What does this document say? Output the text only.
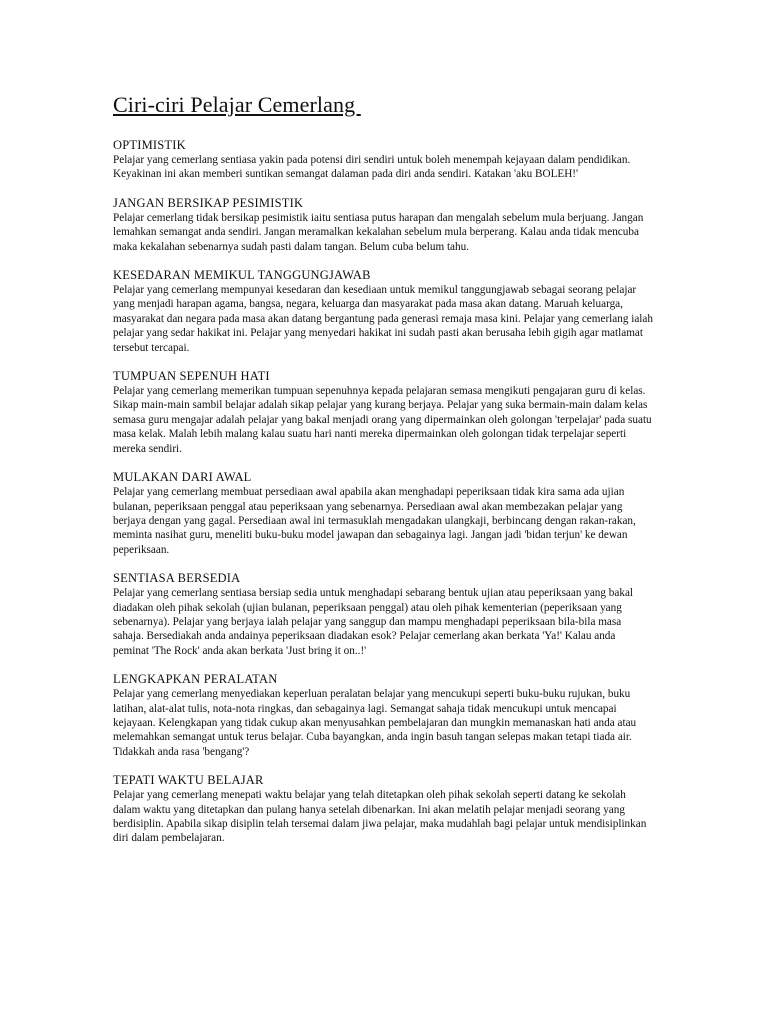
Ciri-ciri Pelajar Cemerlang
OPTIMISTIK

Pelajar yang cemerlang sentiasa yakin pada potensi diri sendiri untuk boleh menempah kejayaan dalam pendidikan. Keyakinan ini akan memberi suntikan semangat dalaman pada diri anda sendiri. Katakan 'aku BOLEH!'

JANGAN BERSIKAP PESIMISTIK

Pelajar cemerlang tidak bersikap pesimistik iaitu sentiasa putus harapan dan mengalah sebelum mula berjuang. Jangan lemahkan semangat anda sendiri. Jangan meramalkan kekalahan sebelum mula berperang. Kalau anda tidak mencuba maka kekalahan sebenarnya sudah pasti dalam tangan. Belum cuba belum tahu.

KESEDARAN MEMIKUL TANGGUNGJAWAB

Pelajar yang cemerlang mempunyai kesedaran dan kesediaan untuk memikul tanggungjawab sebagai seorang pelajar yang menjadi harapan agama, bangsa, negara, keluarga dan masyarakat pada masa akan datang. Maruah keluarga, masyarakat dan negara pada masa akan datang bergantung pada generasi remaja masa kini. Pelajar yang cemerlang ialah pelajar yang sedar hakikat ini. Pelajar yang menyedari hakikat ini sudah pasti akan berusaha lebih gigih agar matlamat tersebut tercapai.

TUMPUAN SEPENUH HATI

Pelajar yang cemerlang memerikan tumpuan sepenuhnya kepada pelajaran semasa mengikuti pengajaran guru di kelas. Sikap main-main sambil belajar adalah sikap pelajar yang kurang berjaya. Pelajar yang suka bermain-main dalam kelas semasa guru mengajar adalah pelajar yang bakal menjadi orang yang dipermainkan oleh golongan 'terpelajar' pada suatu masa kelak. Malah lebih malang kalau suatu hari nanti mereka dipermainkan oleh golongan tidak terpelajar seperti mereka sendiri.

MULAKAN DARI AWAL

Pelajar yang cemerlang membuat persediaan awal apabila akan menghadapi peperiksaan tidak kira sama ada ujian bulanan, peperiksaan penggal atau peperiksaan yang sebenarnya. Persediaan awal akan membezakan pelajar yang berjaya dengan yang gagal. Persediaan awal ini termasuklah mengadakan ulangkaji, berbincang dengan rakan-rakan, meminta nasihat guru, meneliti buku-buku model jawapan dan sebagainya lagi. Jangan jadi 'bidan terjun' ke dewan peperiksaan.

SENTIASA BERSEDIA

Pelajar yang cemerlang sentiasa bersiap sedia untuk menghadapi sebarang bentuk ujian atau peperiksaan yang bakal diadakan oleh pihak sekolah (ujian bulanan, peperiksaan penggal) atau oleh pihak kementerian (peperiksaan yang sebenarnya). Pelajar yang berjaya ialah pelajar yang sanggup dan mampu menghadapi peperiksaan bila-bila masa sahaja. Bersediakah anda andainya peperiksaan diadakan esok? Pelajar cemerlang akan berkata 'Ya!' Kalau anda peminat 'The Rock' anda akan berkata 'Just bring it on..!'

LENGKAPKAN PERALATAN

Pelajar yang cemerlang menyediakan keperluan peralatan belajar yang mencukupi seperti buku-buku rujukan, buku latihan, alat-alat tulis, nota-nota ringkas, dan sebagainya lagi. Semangat sahaja tidak mencukupi untuk mencapai kejayaan. Kelengkapan yang tidak cukup akan menyusahkan pembelajaran dan mungkin memanaskan hati anda atau melemahkan semangat untuk terus belajar. Cuba bayangkan, anda ingin basuh tangan selepas makan tetapi tiada air. Tidakkah anda rasa 'bengang'?

TEPATI WAKTU BELAJAR

Pelajar yang cemerlang menepati waktu belajar yang telah ditetapkan oleh pihak sekolah seperti datang ke sekolah dalam waktu yang ditetapkan dan pulang hanya setelah dibenarkan. Ini akan melatih pelajar menjadi seorang yang berdisiplin. Apabila sikap disiplin telah tersemai dalam jiwa pelajar, maka mudahlah bagi pelajar untuk mendisiplinkan diri dalam pembelajaran.
